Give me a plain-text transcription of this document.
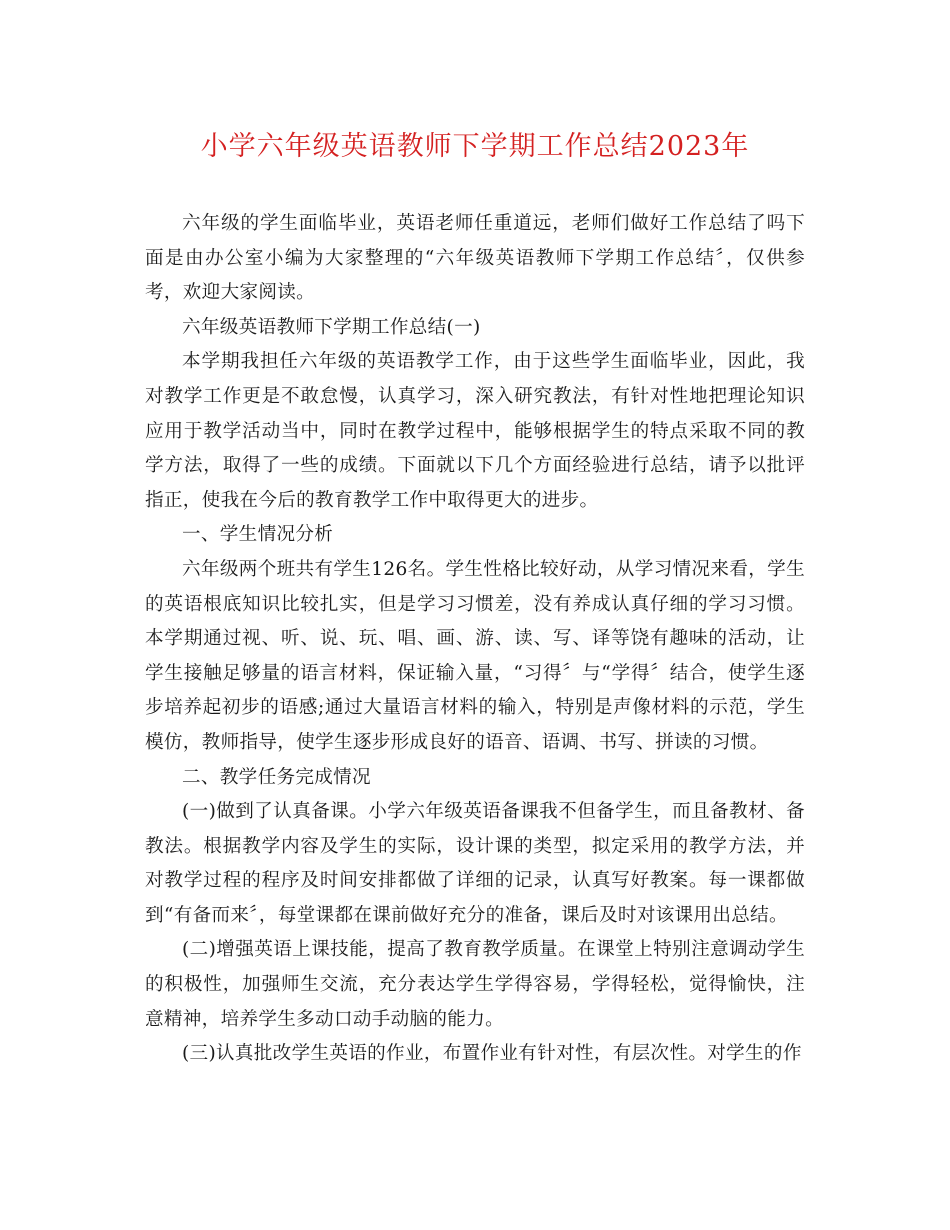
小学六年级英语教师下学期工作总结2023年

六年级的学生面临毕业，英语老师任重道远，老师们做好工作总结了吗下面是由办公室小编为大家整理的“六年级英语教师下学期工作总结〞，仅供参考，欢迎大家阅读。

六年级英语教师下学期工作总结(一)

本学期我担任六年级的英语教学工作，由于这些学生面临毕业，因此，我对教学工作更是不敢怠慢，认真学习，深入研究教法，有针对性地把理论知识应用于教学活动当中，同时在教学过程中，能够根据学生的特点采取不同的教学方法，取得了一些的成绩。下面就以下几个方面经验进行总结，请予以批评指正，使我在今后的教育教学工作中取得更大的进步。

一、学生情况分析

六年级两个班共有学生126名。学生性格比较好动，从学习情况来看，学生的英语根底知识比较扎实，但是学习习惯差，没有养成认真仔细的学习习惯。本学期通过视、听、说、玩、唱、画、游、读、写、译等饶有趣味的活动，让学生接触足够量的语言材料，保证输入量，“习得〞与“学得〞结合，使学生逐步培养起初步的语感;通过大量语言材料的输入，特别是声像材料的示范，学生模仿，教师指导，使学生逐步形成良好的语音、语调、书写、拼读的习惯。

二、教学任务完成情况

(一)做到了认真备课。小学六年级英语备课我不但备学生，而且备教材、备教法。根据教学内容及学生的实际，设计课的类型，拟定采用的教学方法，并对教学过程的程序及时间安排都做了详细的记录，认真写好教案。每一课都做到“有备而来〞，每堂课都在课前做好充分的准备，课后及时对该课用出总结。

(二)增强英语上课技能，提高了教育教学质量。在课堂上特别注意调动学生的积极性，加强师生交流，充分表达学生学得容易，学得轻松，觉得愉快，注意精神，培养学生多动口动手动脑的能力。

(三)认真批改学生英语的作业，布置作业有针对性，有层次性。对学生的作
